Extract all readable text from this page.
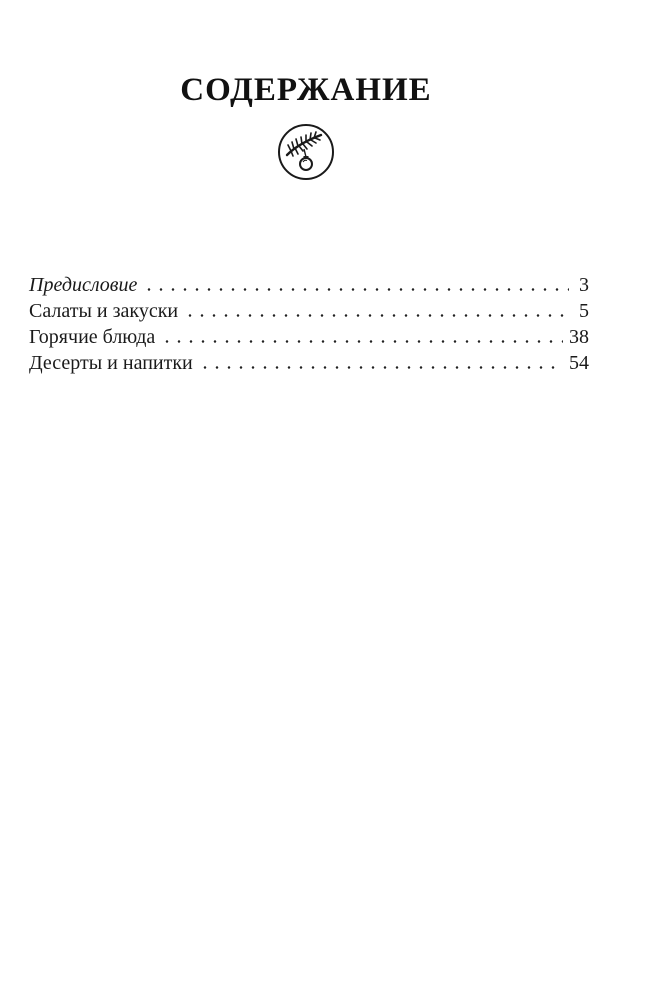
СОДЕРЖАНИЕ
Предисловие	3
Салаты и закуски	5
Горячие блюда	38
Десерты и напитки	54
